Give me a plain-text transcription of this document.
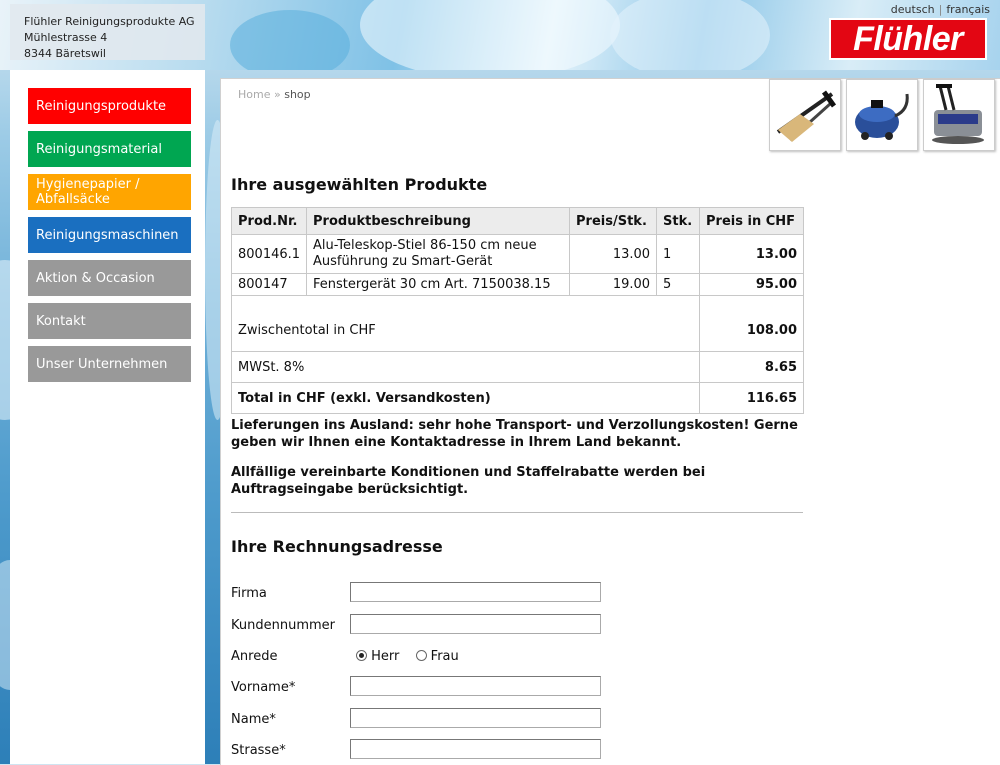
Flühler Reinigungsprodukte AG
Mühlestrasse 4
8344 Bäretswil
deutsch | français
Flühler
Reinigungsprodukte
Reinigungsmaterial
Hygienepapier / Abfallsäcke
Reinigungsmaschinen
Aktion & Occasion
Kontakt
Unser Unternehmen
Home » shop
Ihre ausgewählten Produkte
Prod.Nr.	Produktbeschreibung	Preis/Stk.	Stk.	Preis in CHF
800146.1	Alu-Teleskop-Stiel 86-150 cm neue Ausführung zu Smart-Gerät	13.00	1	13.00
800147	Fenstergerät 30 cm Art. 7150038.15	19.00	5	95.00
Zwischentotal in CHF				108.00
MWSt. 8%				8.65
Total in CHF (exkl. Versandkosten)				116.65
Lieferungen ins Ausland: sehr hohe Transport- und Verzollungskosten! Gerne geben wir Ihnen eine Kontaktadresse in Ihrem Land bekannt.
Allfällige vereinbarte Konditionen und Staffelrabatte werden bei Auftragseingabe berücksichtigt.
Ihre Rechnungsadresse
Firma
Kundennummer
Anrede	Herr Frau
Vorname*
Name*
Strasse*
